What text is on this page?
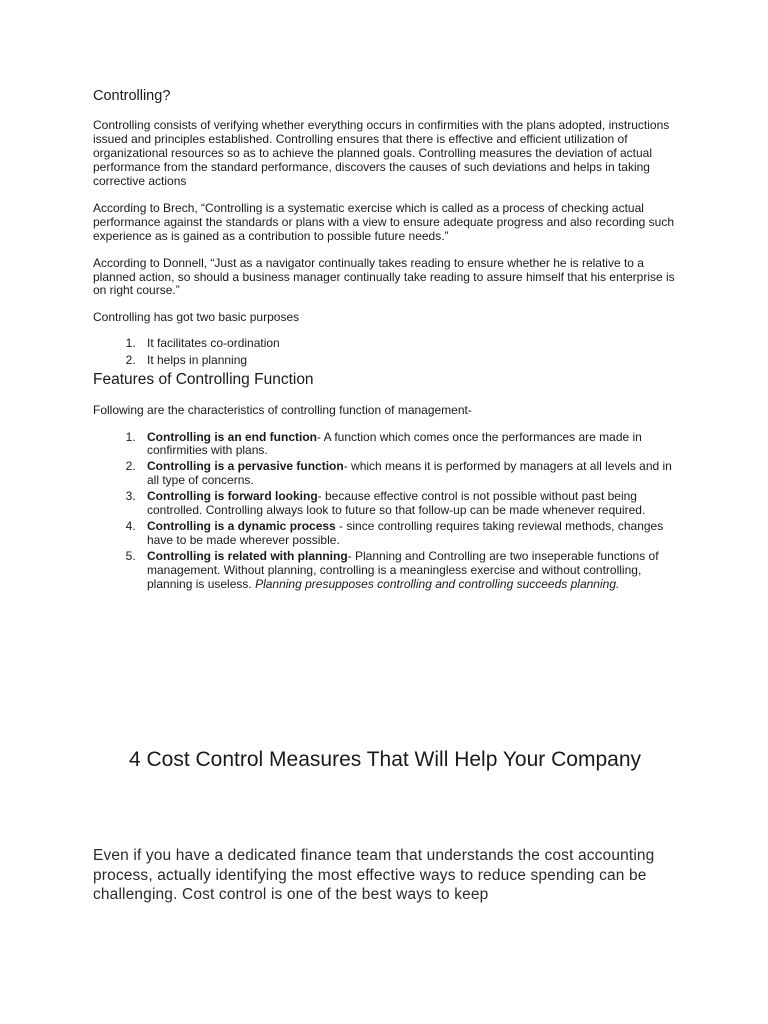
Controlling?

Controlling consists of verifying whether everything occurs in confirmities with the plans adopted, instructions issued and principles established. Controlling ensures that there is effective and efficient utilization of organizational resources so as to achieve the planned goals. Controlling measures the deviation of actual performance from the standard performance, discovers the causes of such deviations and helps in taking corrective actions

According to Brech, “Controlling is a systematic exercise which is called as a process of checking actual performance against the standards or plans with a view to ensure adequate progress and also recording such experience as is gained as a contribution to possible future needs.”

According to Donnell, “Just as a navigator continually takes reading to ensure whether he is relative to a planned action, so should a business manager continually take reading to assure himself that his enterprise is on right course.”

Controlling has got two basic purposes

1. It facilitates co-ordination
2. It helps in planning
Features of Controlling Function

Following are the characteristics of controlling function of management-

1. Controlling is an end function- A function which comes once the performances are made in confirmities with plans.
2. Controlling is a pervasive function- which means it is performed by managers at all levels and in all type of concerns.
3. Controlling is forward looking- because effective control is not possible without past being controlled. Controlling always look to future so that follow-up can be made whenever required.
4. Controlling is a dynamic process - since controlling requires taking reviewal methods, changes have to be made wherever possible.
5. Controlling is related with planning- Planning and Controlling are two inseperable functions of management. Without planning, controlling is a meaningless exercise and without controlling, planning is useless. Planning presupposes controlling and controlling succeeds planning.
4 Cost Control Measures That Will Help Your Company

Even if you have a dedicated finance team that understands the cost accounting process, actually identifying the most effective ways to reduce spending can be challenging. Cost control is one of the best ways to keep
